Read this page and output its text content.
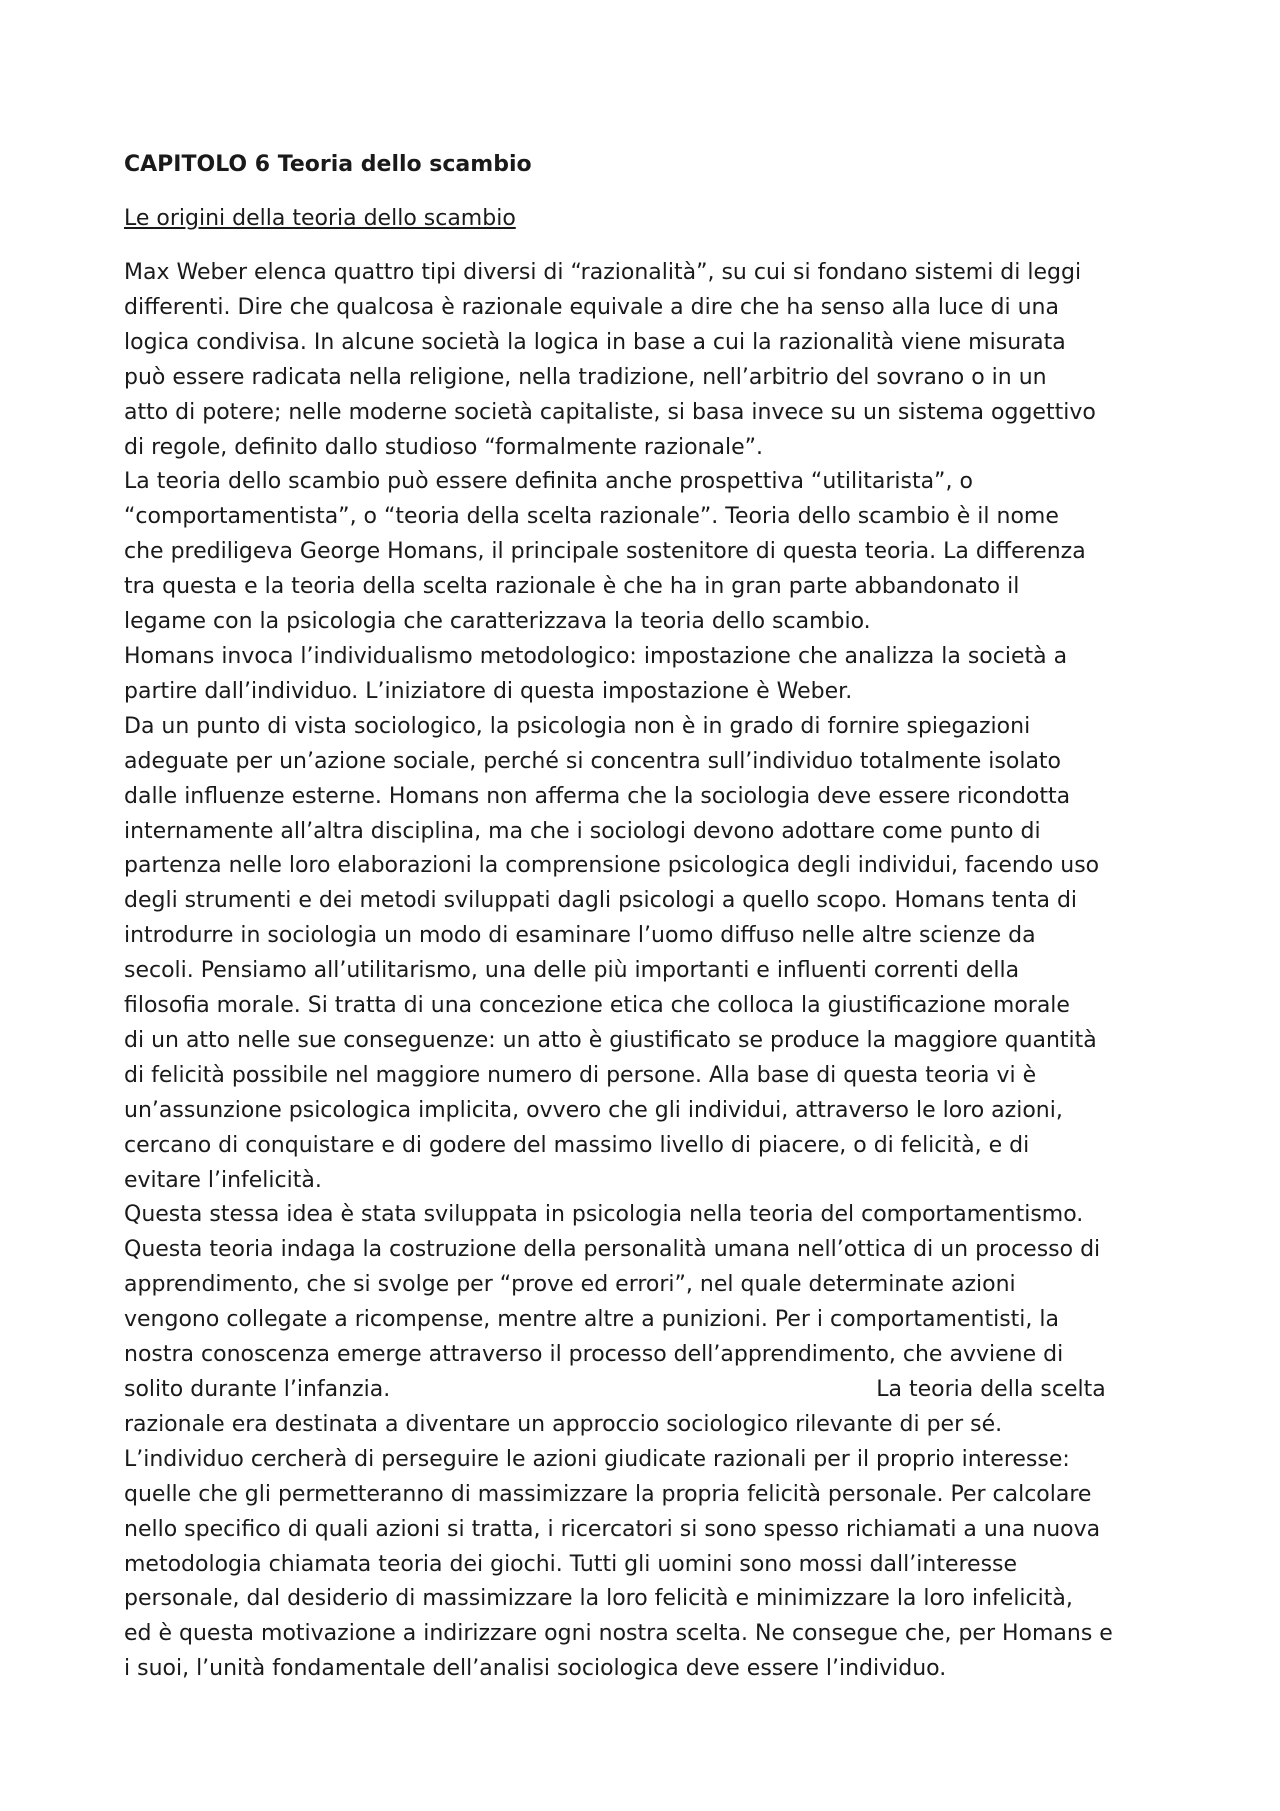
CAPITOLO 6 Teoria dello scambio
Le origini della teoria dello scambio
Max Weber elenca quattro tipi diversi di “razionalità”, su cui si fondano sistemi di leggi
differenti. Dire che qualcosa è razionale equivale a dire che ha senso alla luce di una
logica condivisa. In alcune società la logica in base a cui la razionalità viene misurata
può essere radicata nella religione, nella tradizione, nell’arbitrio del sovrano o in un
atto di potere; nelle moderne società capitaliste, si basa invece su un sistema oggettivo
di regole, definito dallo studioso “formalmente razionale”.
La teoria dello scambio può essere definita anche prospettiva “utilitarista”, o
“comportamentista”, o “teoria della scelta razionale”. Teoria dello scambio è il nome
che prediligeva George Homans, il principale sostenitore di questa teoria. La differenza
tra questa e la teoria della scelta razionale è che ha in gran parte abbandonato il
legame con la psicologia che caratterizzava la teoria dello scambio.
Homans invoca l’individualismo metodologico: impostazione che analizza la società a
partire dall’individuo. L’iniziatore di questa impostazione è Weber.
Da un punto di vista sociologico, la psicologia non è in grado di fornire spiegazioni
adeguate per un’azione sociale, perché si concentra sull’individuo totalmente isolato
dalle influenze esterne. Homans non afferma che la sociologia deve essere ricondotta
internamente all’altra disciplina, ma che i sociologi devono adottare come punto di
partenza nelle loro elaborazioni la comprensione psicologica degli individui, facendo uso
degli strumenti e dei metodi sviluppati dagli psicologi a quello scopo. Homans tenta di
introdurre in sociologia un modo di esaminare l’uomo diffuso nelle altre scienze da
secoli. Pensiamo all’utilitarismo, una delle più importanti e influenti correnti della
filosofia morale. Si tratta di una concezione etica che colloca la giustificazione morale
di un atto nelle sue conseguenze: un atto è giustificato se produce la maggiore quantità
di felicità possibile nel maggiore numero di persone. Alla base di questa teoria vi è
un’assunzione psicologica implicita, ovvero che gli individui, attraverso le loro azioni,
cercano di conquistare e di godere del massimo livello di piacere, o di felicità, e di
evitare l’infelicità.
Questa stessa idea è stata sviluppata in psicologia nella teoria del comportamentismo.
Questa teoria indaga la costruzione della personalità umana nell’ottica di un processo di
apprendimento, che si svolge per “prove ed errori”, nel quale determinate azioni
vengono collegate a ricompense, mentre altre a punizioni. Per i comportamentisti, la
nostra conoscenza emerge attraverso il processo dell’apprendimento, che avviene di
solito durante l’infanzia.	La teoria della scelta
razionale era destinata a diventare un approccio sociologico rilevante di per sé.
L’individuo cercherà di perseguire le azioni giudicate razionali per il proprio interesse:
quelle che gli permetteranno di massimizzare la propria felicità personale. Per calcolare
nello specifico di quali azioni si tratta, i ricercatori si sono spesso richiamati a una nuova
metodologia chiamata teoria dei giochi. Tutti gli uomini sono mossi dall’interesse
personale, dal desiderio di massimizzare la loro felicità e minimizzare la loro infelicità,
ed è questa motivazione a indirizzare ogni nostra scelta. Ne consegue che, per Homans e
i suoi, l’unità fondamentale dell’analisi sociologica deve essere l’individuo.
